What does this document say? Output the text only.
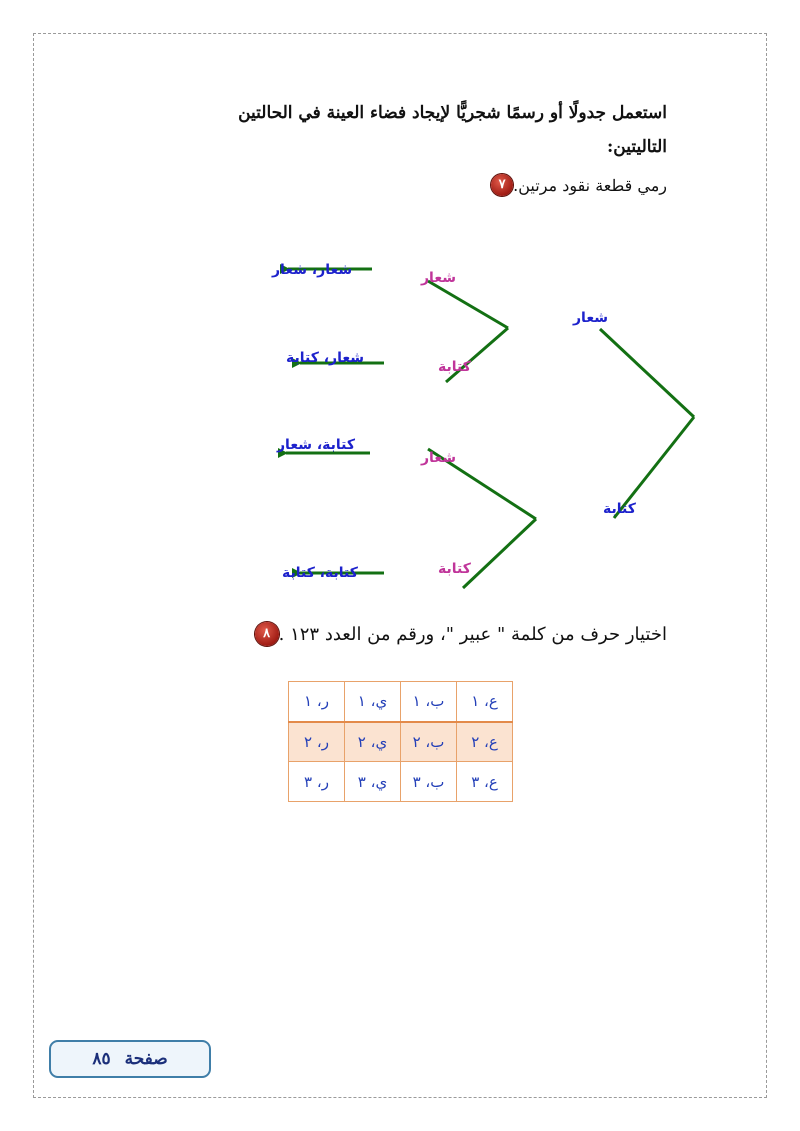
استعمل جدولًا أو رسمًا شجريًّا لإيجاد فضاء العينة في الحالتين التاليتين:
٧ رمي قطعة نقود مرتين.
شعار
كتابة
شعار
كتابة
شعار
كتابة
شعار، شعار
شعار، كتابة
كتابة، شعار
كتابة، كتابة
٨ اختيار حرف من كلمة " عبير "، ورقم من العدد ١٢٣ .
ع، ١	ب، ١	ي، ١	ر، ١
ع، ٢	ب، ٢	ي، ٢	ر، ٢
ع، ٣	ب، ٣	ي، ٣	ر، ٣
صفحة
٨٥
